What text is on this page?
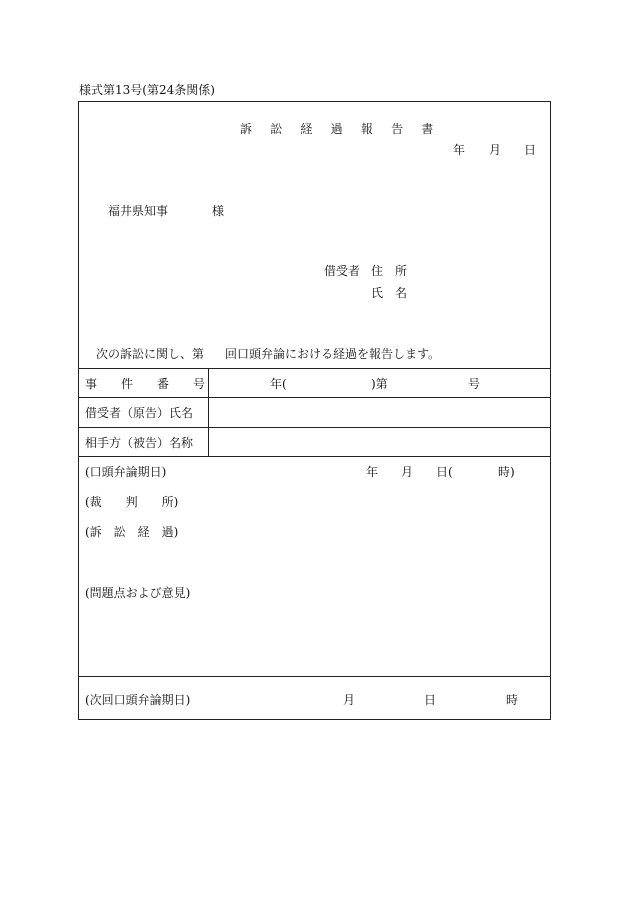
様式第13号(第24条関係)
訴 訟 経 過 報 告 書
年 月 日
福井県知事	様
借受者 住　所
氏　名
次の訴訟に関し、第 回口頭弁論における経過を報告します。
事　　件　　番　　号	年(	)第	号
借受者（原告）氏名
相手方（被告）名称
(口頭弁論期日)	年 月 日(	時)
(裁　　判　　所)
(訴　訟　経　過)
(問題点および意見)
(次回口頭弁論期日)	月	日	時
